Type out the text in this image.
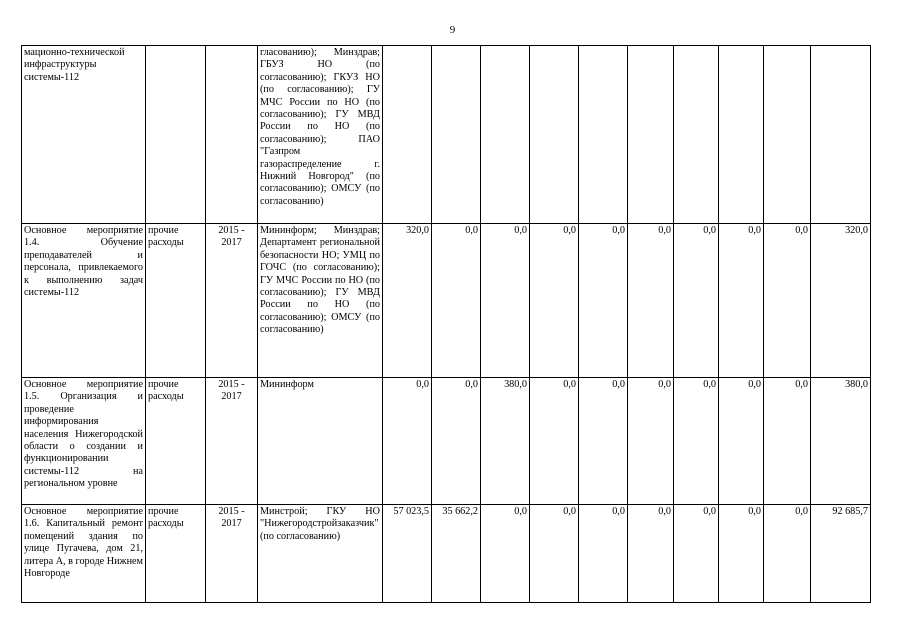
9
мационно-технической инфраструктуры системы-112			гласованию); Минздрав; ГБУЗ НО (по согласованию); ГКУЗ НО (по согласованию); ГУ МЧС России по НО (по согласованию); ГУ МВД России по НО (по согласованию); ПАО "Газпром газораспределение г. Нижний Новгород" (по согласованию); ОМСУ (по согласованию)										
Основное мероприятие 1.4. Обучение преподавателей и персонала, привлекаемого к выполнению задач системы-112	прочие расходы	2015 - 2017	Мининформ; Минздрав; Департамент региональной безопасности НО; УМЦ по ГОЧС (по согласованию); ГУ МЧС России по НО (по согласованию); ГУ МВД России по НО (по согласованию); ОМСУ (по согласованию)	320,0	0,0	0,0	0,0	0,0	0,0	0,0	0,0	0,0	320,0
Основное мероприятие 1.5. Организация и проведение информирования населения Нижегородской области о создании и функционировании системы-112 на региональном уровне	прочие расходы	2015 - 2017	Мининформ	0,0	0,0	380,0	0,0	0,0	0,0	0,0	0,0	0,0	380,0
Основное мероприятие 1.6. Капитальный ремонт помещений здания по улице Пугачева, дом 21, литера А, в городе Нижнем Новгороде	прочие расходы	2015 - 2017	Минстрой; ГКУ НО "Нижегородстройзаказчик" (по согласованию)	57 023,5	35 662,2	0,0	0,0	0,0	0,0	0,0	0,0	0,0	92 685,7
